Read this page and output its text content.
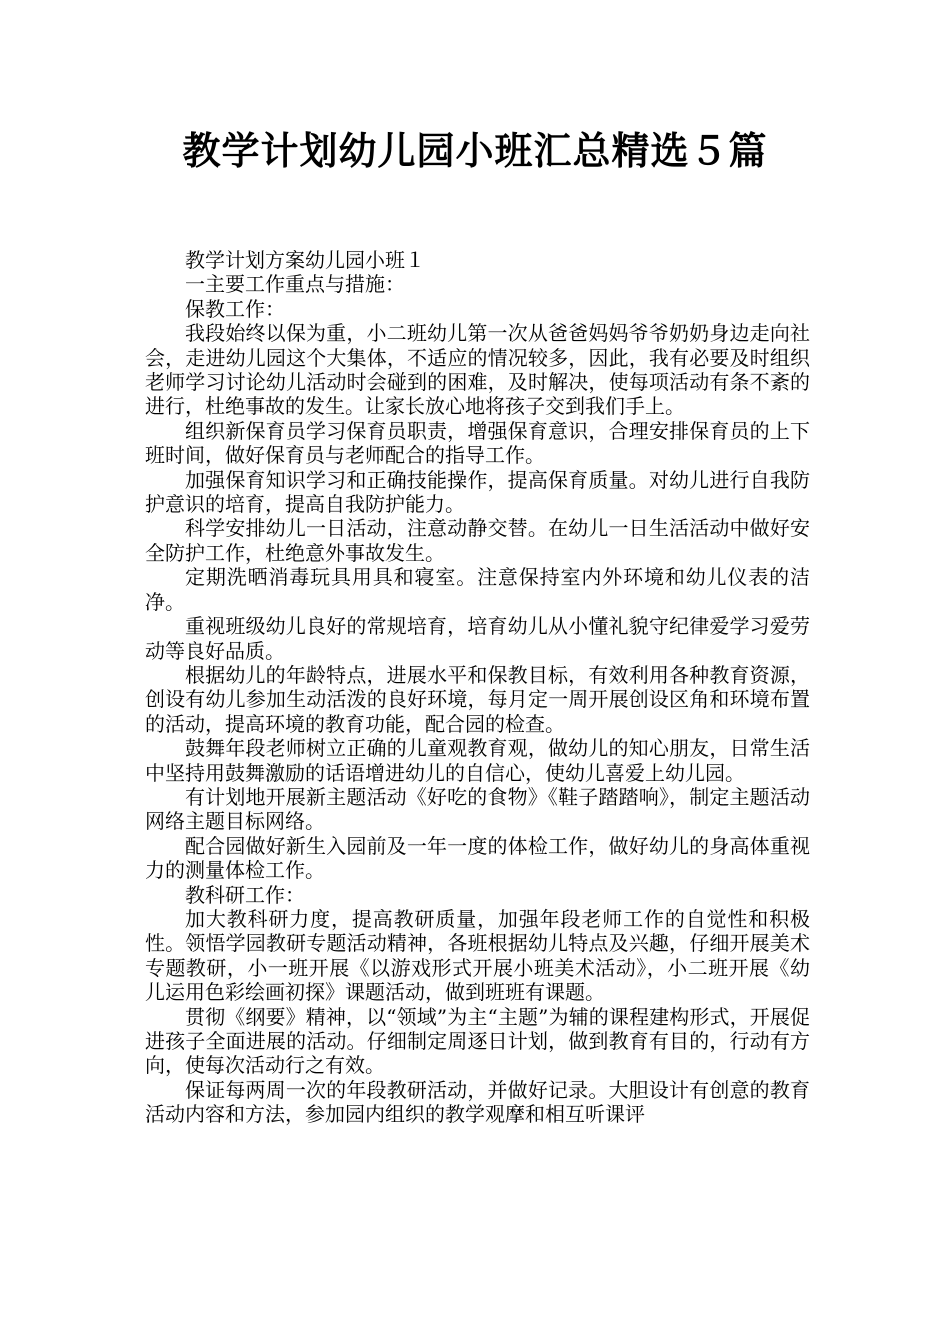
教学计划幼儿园小班汇总精选５篇

教学计划方案幼儿园小班１

一主要工作重点与措施：

保教工作：

我段始终以保为重，小二班幼儿第一次从爸爸妈妈爷爷奶奶身边走向社会，走进幼儿园这个大集体，不适应的情况较多，因此，我有必要及时组织老师学习讨论幼儿活动时会碰到的困难，及时解决，使每项活动有条不紊的进行，杜绝事故的发生。让家长放心地将孩子交到我们手上。

组织新保育员学习保育员职责，增强保育意识，合理安排保育员的上下班时间，做好保育员与老师配合的指导工作。

加强保育知识学习和正确技能操作，提高保育质量。对幼儿进行自我防护意识的培育，提高自我防护能力。

科学安排幼儿一日活动，注意动静交替。在幼儿一日生活活动中做好安全防护工作，杜绝意外事故发生。

定期洗晒消毒玩具用具和寝室。注意保持室内外环境和幼儿仪表的洁净。

重视班级幼儿良好的常规培育，培育幼儿从小懂礼貌守纪律爱学习爱劳动等良好品质。

根据幼儿的年龄特点，进展水平和保教目标，有效利用各种教育资源，创设有幼儿参加生动活泼的良好环境，每月定一周开展创设区角和环境布置的活动，提高环境的教育功能，配合园的检查。

鼓舞年段老师树立正确的儿童观教育观，做幼儿的知心朋友，日常生活中坚持用鼓舞激励的话语增进幼儿的自信心，使幼儿喜爱上幼儿园。

有计划地开展新主题活动《好吃的食物》《鞋子踏踏响》，制定主题活动网络主题目标网络。

配合园做好新生入园前及一年一度的体检工作，做好幼儿的身高体重视力的测量体检工作。

教科研工作：

加大教科研力度，提高教研质量，加强年段老师工作的自觉性和积极性。领悟学园教研专题活动精神，各班根据幼儿特点及兴趣，仔细开展美术专题教研，小一班开展《以游戏形式开展小班美术活动》，小二班开展《幼儿运用色彩绘画初探》课题活动，做到班班有课题。

贯彻《纲要》精神，以“领域”为主“主题”为辅的课程建构形式，开展促进孩子全面进展的活动。仔细制定周逐日计划，做到教育有目的，行动有方向，使每次活动行之有效。

保证每两周一次的年段教研活动，并做好记录。大胆设计有创意的教育活动内容和方法，参加园内组织的教学观摩和相互听课评
